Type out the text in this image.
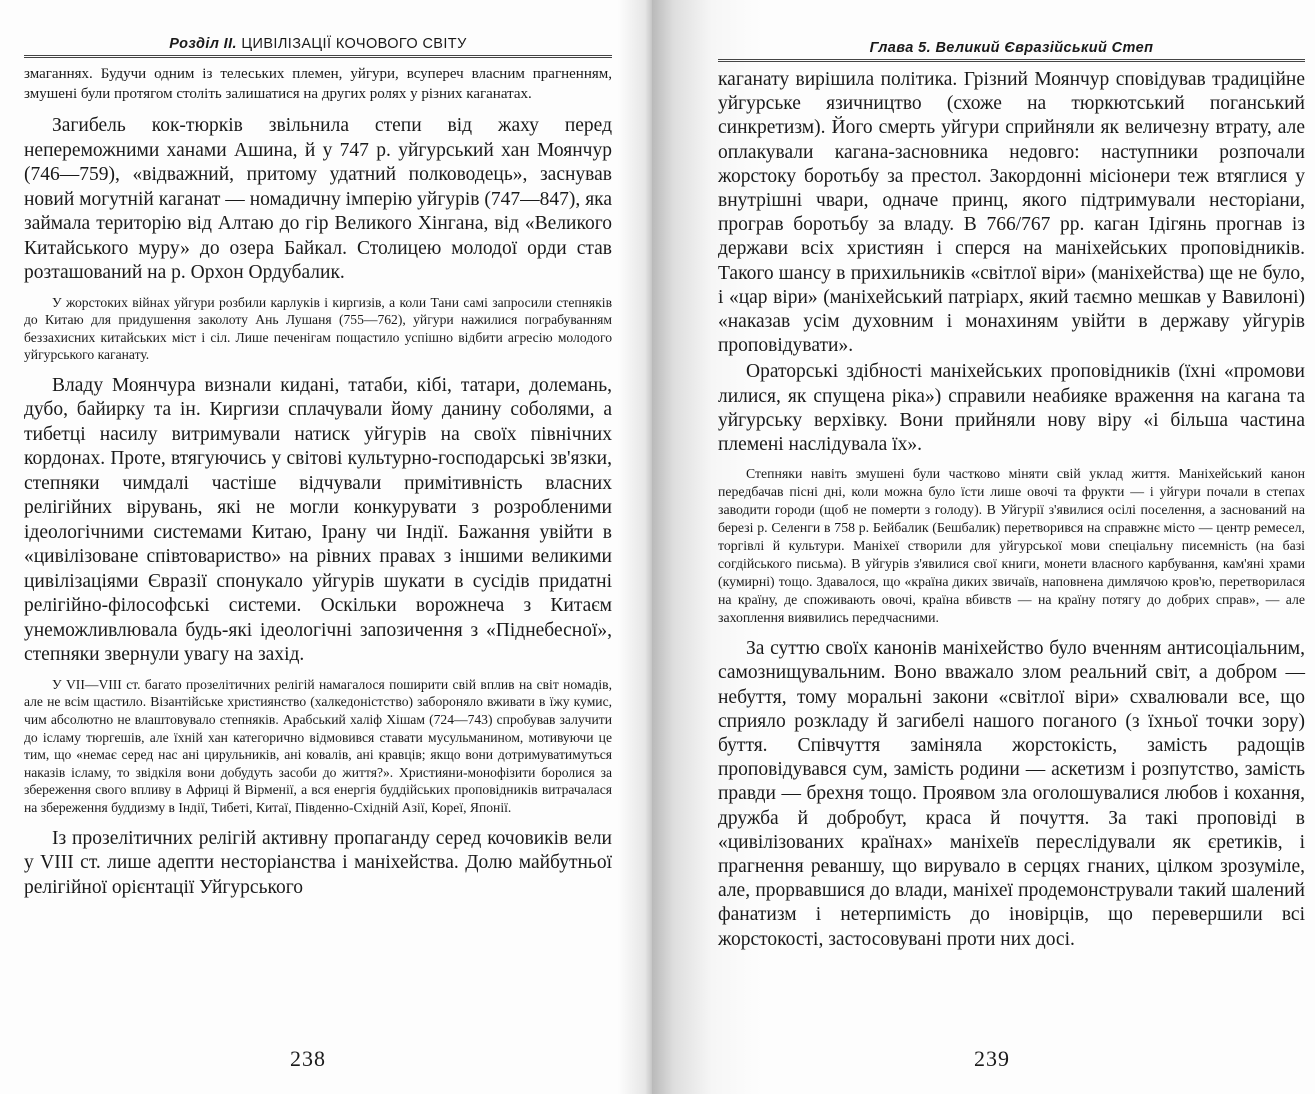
Розділ II. ЦИВІЛІЗАЦІЇ КОЧОВОГО СВІТУ

змаганнях. Будучи одним із телеських племен, уйгури, всупереч власним прагненням, змушені були протягом століть залишатися на других ролях у різних каганатах.

Загибель кок-тюрків звільнила степи від жаху перед непереможними ханами Ашина, й у 747 р. уйгурський хан Моянчур (746—759), «відважний, притому удатний полководець», заснував новий могутній каганат — номадичну імперію уйгурів (747—847), яка займала територію від Алтаю до гір Великого Хінгана, від «Великого Китайського муру» до озера Байкал. Столицею молодої орди став розташований на р. Орхон Ордубалик.

У жорстоких війнах уйгури розбили карлуків і киргизів, а коли Тани самі запросили степняків до Китаю для придушення заколоту Ань Лушаня (755—762), уйгури нажилися пограбуванням беззахисних китайських міст і сіл. Лише печенігам пощастило успішно відбити агресію молодого уйгурського каганату.

Владу Моянчура визнали кидані, татаби, кібі, татари, долемань, дубо, байирку та ін. Киргизи сплачували йому данину соболями, а тибетці насилу витримували натиск уйгурів на своїх північних кордонах. Проте, втягуючись у світові культурно-господарські зв'язки, степняки чимдалі частіше відчували примітивність власних релігійних вірувань, які не могли конкурувати з розробленими ідеологічними системами Китаю, Ірану чи Індії. Бажання увійти в «цивілізоване співтовариство» на рівних правах з іншими великими цивілізаціями Євразії спонукало уйгурів шукати в сусідів придатні релігійно-філософські системи. Оскільки ворожнеча з Китаєм унеможливлювала будь-які ідеологічні запозичення з «Піднебесної», степняки звернули увагу на захід.

У VII—VIII ст. багато прозелітичних релігій намагалося поширити свій вплив на світ номадів, але не всім щастило. Візантійське християнство (халкедоністство) забороняло вживати в їжу кумис, чим абсолютно не влаштовувало степняків. Арабський халіф Хішам (724—743) спробував залучити до ісламу тюргешів, але їхній хан категорично відмовився ставати мусульманином, мотивуючи це тим, що «немає серед нас ані цирульників, ані ковалів, ані кравців; якщо вони дотримуватимуться наказів ісламу, то звідкіля вони добудуть засоби до життя?». Християни-монофізити боролися за збереження свого впливу в Африці й Вірменії, а вся енергія буддійських проповідників витрачалася на збереження буддизму в Індії, Тибеті, Китаї, Південно-Східній Азії, Кореї, Японії.

Із прозелітичних релігій активну пропаганду серед кочовиків вели у VIII ст. лише адепти несторіанства і маніхейства. Долю майбутньої релігійної орієнтації Уйгурського

238
Глава 5. Великий Євразійський Степ

каганату вирішила політика. Грізний Моянчур сповідував традиційне уйгурське язичництво (схоже на тюркютський поганський синкретизм). Його смерть уйгури сприйняли як величезну втрату, але оплакували кагана-засновника недовго: наступники розпочали жорстоку боротьбу за престол. Закордонні місіонери теж втяглися у внутрішні чвари, одначе принц, якого підтримували несторіани, програв боротьбу за владу. В 766/767 рр. каган Ідігянь прогнав із держави всіх християн і сперся на маніхейських проповідників. Такого шансу в прихильників «світлої віри» (маніхейства) ще не було, і «цар віри» (маніхейський патріарх, який таємно мешкав у Вавилоні) «наказав усім духовним і монахиням увійти в державу уйгурів проповідувати».

Ораторські здібності маніхейських проповідників (їхні «промови лилися, як спущена ріка») справили неабияке враження на кагана та уйгурську верхівку. Вони прийняли нову віру «і більша частина племені наслідувала їх».

Степняки навіть змушені були частково міняти свій уклад життя. Маніхейський канон передбачав пісні дні, коли можна було їсти лише овочі та фрукти — і уйгури почали в степах заводити городи (щоб не померти з голоду). В Уйгурії з'явилися осілі поселення, а заснований на березі р. Селенги в 758 р. Бейбалик (Бешбалик) перетворився на справжнє місто — центр ремесел, торгівлі й культури. Маніхеї створили для уйгурської мови спеціальну писемність (на базі согдійського письма). В уйгурів з'явилися свої книги, монети власного карбування, кам'яні храми (кумирні) тощо. Здавалося, що «країна диких звичаїв, наповнена димлячою кров'ю, перетворилася на країну, де споживають овочі, країна вбивств — на країну потягу до добрих справ», — але захоплення виявились передчасними.

За суттю своїх канонів маніхейство було вченням антисоціальним, самознищувальним. Воно вважало злом реальний світ, а добром — небуття, тому моральні закони «світлої віри» схвалювали все, що сприяло розкладу й загибелі нашого поганого (з їхньої точки зору) буття. Співчуття заміняла жорстокість, замість радощів проповідувався сум, замість родини — аскетизм і розпутство, замість правди — брехня тощо. Проявом зла оголошувалися любов і кохання, дружба й добробут, краса й почуття. За такі проповіді в «цивілізованих країнах» маніхеїв переслідували як єретиків, і прагнення реваншу, що вирувало в серцях гнаних, цілком зрозуміле, але, прорвавшися до влади, маніхеї продемонстрували такий шалений фанатизм і нетерпимість до іновірців, що перевершили всі жорстокості, застосовувані проти них досі.

239
